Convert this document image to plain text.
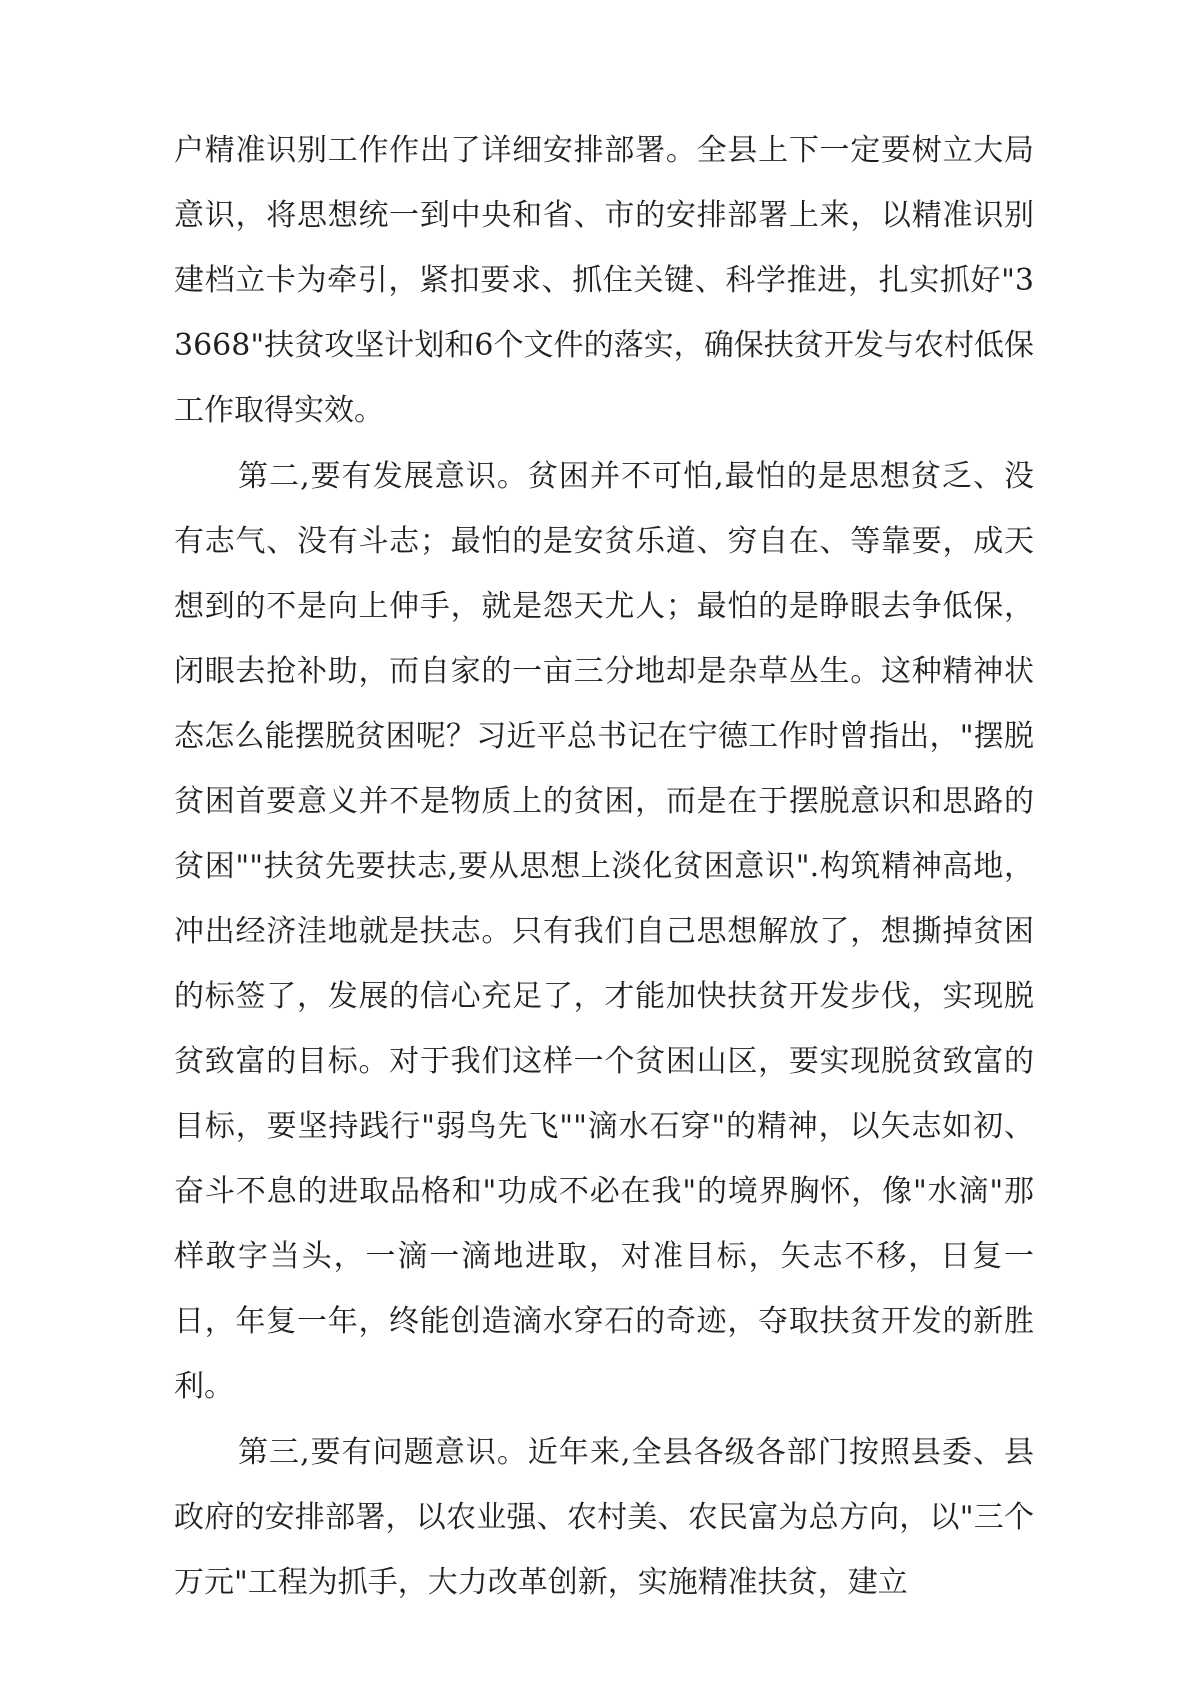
户精准识别工作作出了详细安排部署。全县上下一定要树立大局意识，将思想统一到中央和省、市的安排部署上来，以精准识别建档立卡为牵引，紧扣要求、抓住关键、科学推进，扎实抓好"33668"扶贫攻坚计划和6个文件的落实，确保扶贫开发与农村低保工作取得实效。

第二,要有发展意识。贫困并不可怕,最怕的是思想贫乏、没有志气、没有斗志；最怕的是安贫乐道、穷自在、等靠要，成天想到的不是向上伸手，就是怨天尤人；最怕的是睁眼去争低保，闭眼去抢补助，而自家的一亩三分地却是杂草丛生。这种精神状态怎么能摆脱贫困呢？习近平总书记在宁德工作时曾指出，"摆脱贫困首要意义并不是物质上的贫困，而是在于摆脱意识和思路的贫困""扶贫先要扶志,要从思想上淡化贫困意识".构筑精神高地，冲出经济洼地就是扶志。只有我们自己思想解放了，想撕掉贫困的标签了，发展的信心充足了，才能加快扶贫开发步伐，实现脱贫致富的目标。对于我们这样一个贫困山区，要实现脱贫致富的目标，要坚持践行"弱鸟先飞""滴水石穿"的精神，以矢志如初、奋斗不息的进取品格和"功成不必在我"的境界胸怀，像"水滴"那样敢字当头，一滴一滴地进取，对准目标，矢志不移，日复一日，年复一年，终能创造滴水穿石的奇迹，夺取扶贫开发的新胜利。

第三,要有问题意识。近年来,全县各级各部门按照县委、县政府的安排部署，以农业强、农村美、农民富为总方向，以"三个万元"工程为抓手，大力改革创新，实施精准扶贫，建立
